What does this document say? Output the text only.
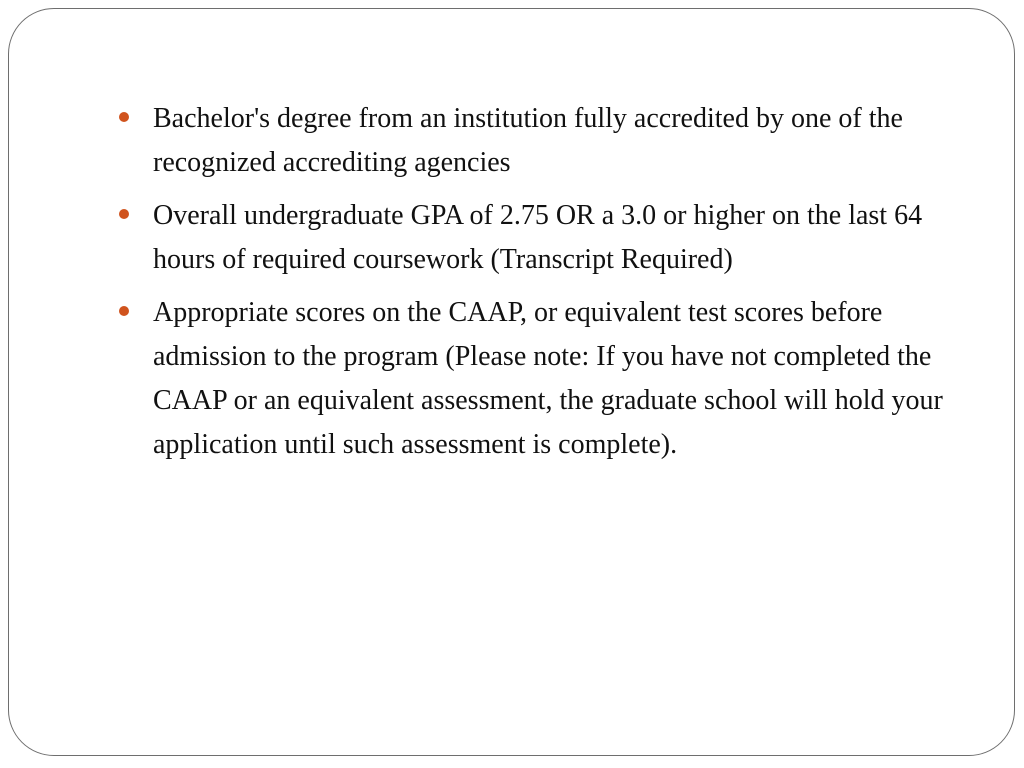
Bachelor's degree from an institution fully accredited by one of the recognized accrediting agencies
Overall undergraduate GPA of 2.75 OR a 3.0 or higher on the last 64 hours of required coursework (Transcript Required)
Appropriate scores on the CAAP, or equivalent test scores before admission to the program (Please note: If you have not completed the CAAP or an equivalent assessment, the graduate school will hold your application until such assessment is complete).
